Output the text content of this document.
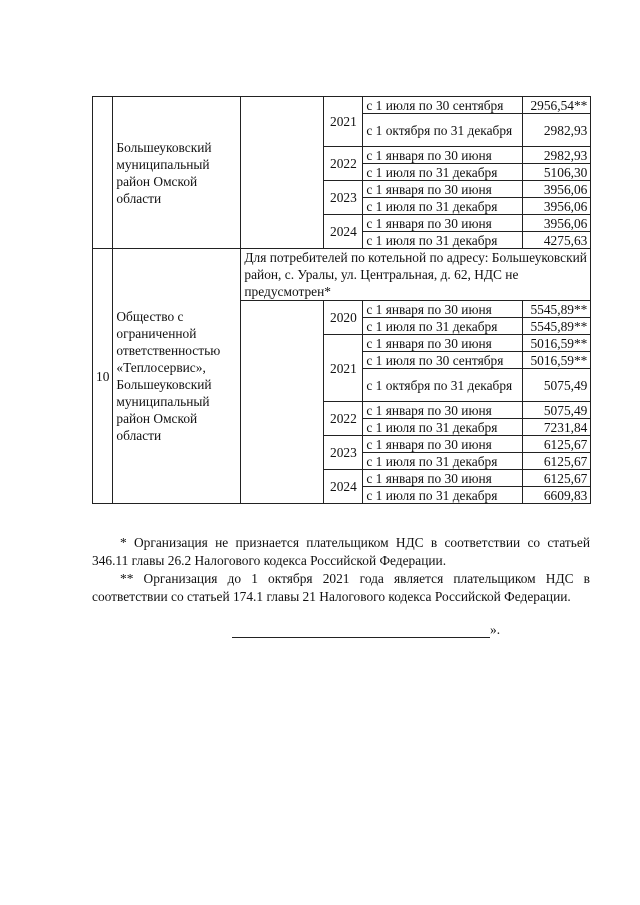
	Большеуковский муниципальный район Омской области		2021	с 1 июля по 30 сентября	2956,54**
				с 1 октября по 31 декабря	2982,93
			2022	с 1 января по 30 июня	2982,93
				с 1 июля по 31 декабря	5106,30
			2023	с 1 января по 30 июня	3956,06
				с 1 июля по 31 декабря	3956,06
			2024	с 1 января по 30 июня	3956,06
				с 1 июля по 31 декабря	4275,63
10	Общество с ограниченной ответственностью «Теплосервис», Большеуковский муниципальный район Омской области	Для потребителей по котельной по адресу: Большеуковский район, с. Уралы, ул. Центральная, д. 62, НДС не предусмотрен*			
			2020	с 1 января по 30 июня	5545,89**
				с 1 июля по 31 декабря	5545,89**
			2021	с 1 января по 30 июня	5016,59**
				с 1 июля по 30 сентября	5016,59**
				с 1 октября по 31 декабря	5075,49
			2022	с 1 января по 30 июня	5075,49
				с 1 июля по 31 декабря	7231,84
			2023	с 1 января по 30 июня	6125,67
				с 1 июля по 31 декабря	6125,67
			2024	с 1 января по 30 июня	6125,67
				с 1 июля по 31 декабря	6609,83

* Организация не признается плательщиком НДС в соответствии со статьей 346.11 главы 26.2 Налогового кодекса Российской Федерации.

** Организация до 1 октября 2021 года является плательщиком НДС в соответствии со статьей 174.1 главы 21 Налогового кодекса Российской Федерации.

».
